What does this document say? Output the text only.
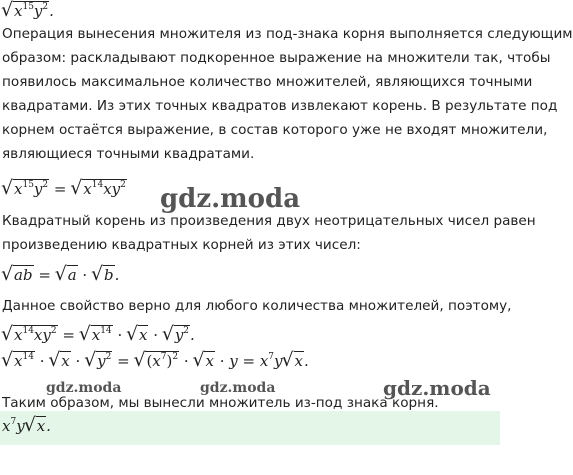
√ $x^{15}y^2$.
Операция вынесения множителя из под-знака корня выполняется следующим
образом: раскладывают подкоренное выражение на множители так, чтобы
появилось максимальное количество множителей, являющихся точными
квадратами. Из этих точных квадратов извлекают корень. В результате под
корнем остаётся выражение, в состав которого уже не входят множители,
являющиеся точными квадратами.
√ $x^{15}y^2$ = √ $x^{14}xy^2$ gdz.moda
Квадратный корень из произведения двух неотрицательных чисел равен
произведению квадратных корней из этих чисел:
√ ab = √ a · √ b.
Данное свойство верно для любого количества множителей, поэтому,
√ $x^{14}xy^2$ = √ $x^{14}$ · √ x · √ $y^2$.
√ $x^{14}$ · √ x · √ $y^2$ = √ $(x^7)^2$ · √ $x \cdot y = x^7y√$ x.
gdz.moda	gdz.moda	gdz.moda
Таким образом, мы вынесли множитель из-под знака корня.
$x^7y√$ x.
